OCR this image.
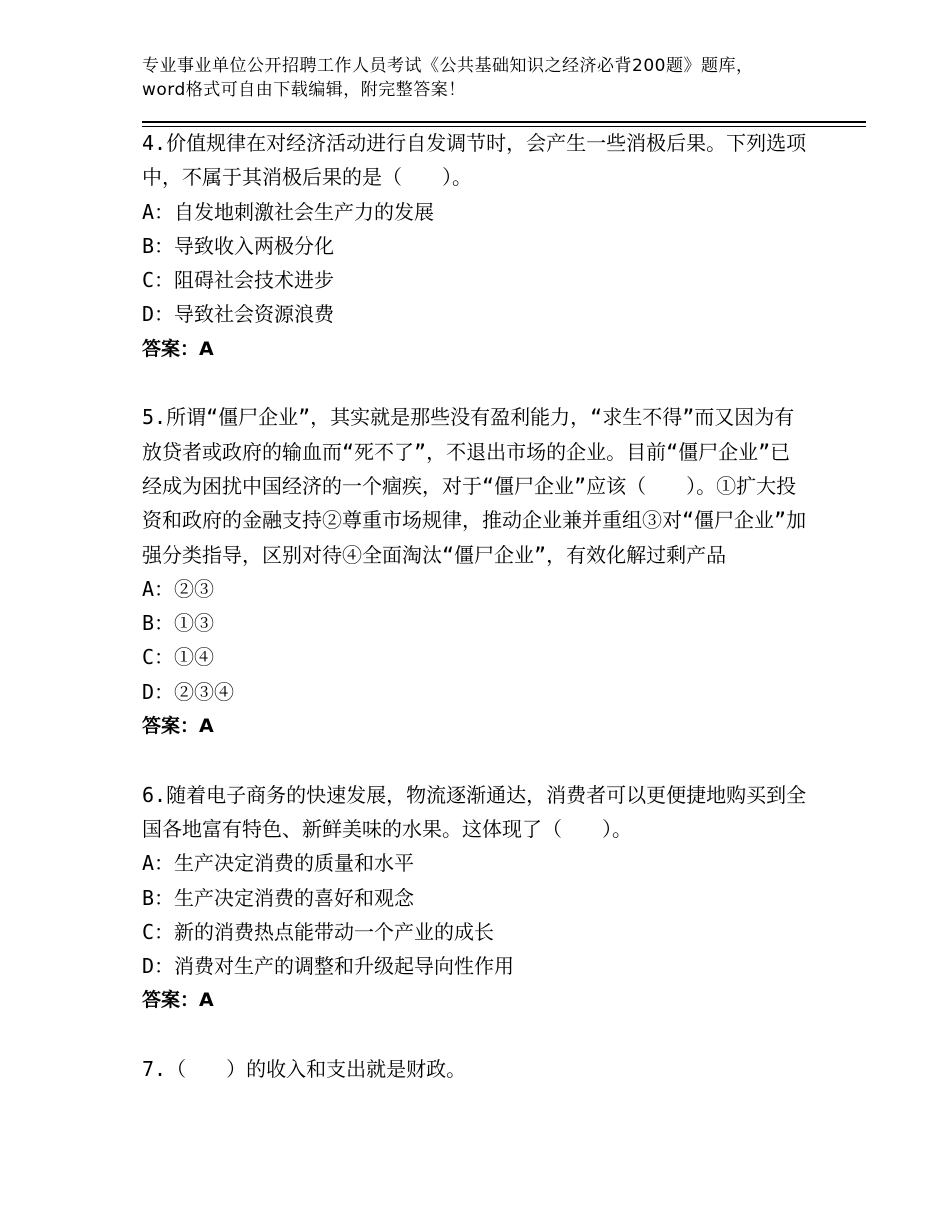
专业事业单位公开招聘工作人员考试《公共基础知识之经济必背200题》题库，word格式可自由下载编辑，附完整答案！
4.价值规律在对经济活动进行自发调节时，会产生一些消极后果。下列选项中，不属于其消极后果的是（　　）。
A：自发地刺激社会生产力的发展
B：导致收入两极分化
C：阻碍社会技术进步
D：导致社会资源浪费
答案：A
5.所谓“僵尸企业”，其实就是那些没有盈利能力，“求生不得”而又因为有放贷者或政府的输血而“死不了”，不退出市场的企业。目前“僵尸企业”已经成为困扰中国经济的一个痼疾，对于“僵尸企业”应该（　　）。①扩大投资和政府的金融支持②尊重市场规律，推动企业兼并重组③对“僵尸企业”加强分类指导，区别对待④全面淘汰“僵尸企业”，有效化解过剩产品
A：②③
B：①③
C：①④
D：②③④
答案：A
6.随着电子商务的快速发展，物流逐渐通达，消费者可以更便捷地购买到全国各地富有特色、新鲜美味的水果。这体现了（　　）。
A：生产决定消费的质量和水平
B：生产决定消费的喜好和观念
C：新的消费热点能带动一个产业的成长
D：消费对生产的调整和升级起导向性作用
答案：A
7.（　　）的收入和支出就是财政。
